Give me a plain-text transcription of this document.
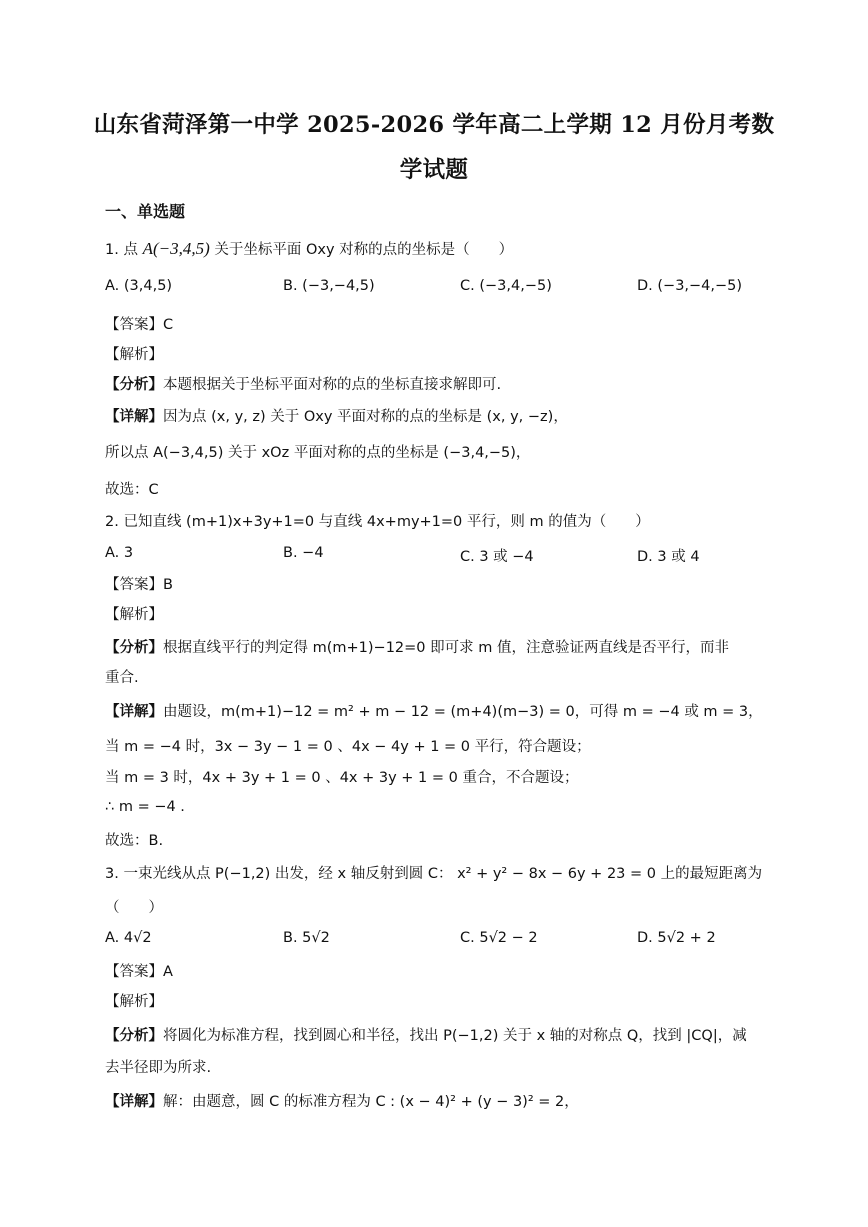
山东省菏泽第一中学 2025-2026 学年高二上学期 12 月份月考数
学试题
一、单选题
1. 点 A(−3,4,5) 关于坐标平面 Oxy 对称的点的坐标是（　　）
A. (3,4,5)	B. (−3,−4,5)	C. (−3,4,−5)	D. (−3,−4,−5)
【答案】C
【解析】
【分析】本题根据关于坐标平面对称的点的坐标直接求解即可.
【详解】因为点 (x, y, z) 关于 Oxy 平面对称的点的坐标是 (x, y, −z)，
所以点 A(−3,4,5) 关于 xOz 平面对称的点的坐标是 (−3,4,−5)，
故选：C
2. 已知直线 (m+1)x+3y+1=0 与直线 4x+my+1=0 平行，则 m 的值为（　　）
A. 3	B. −4	C. 3 或 −4	D. 3 或 4
【答案】B
【解析】
【分析】根据直线平行的判定得 m(m+1)−12=0 即可求 m 值，注意验证两直线是否平行，而非
重合.
【详解】由题设，m(m+1)−12 = m² + m − 12 = (m+4)(m−3) = 0，可得 m = −4 或 m = 3，
当 m = −4 时，3x − 3y − 1 = 0 、4x − 4y + 1 = 0 平行，符合题设；
当 m = 3 时，4x + 3y + 1 = 0 、4x + 3y + 1 = 0 重合，不合题设；
∴ m = −4 .
故选：B.
3. 一束光线从点 P(−1,2) 出发，经 x 轴反射到圆 C： x² + y² − 8x − 6y + 23 = 0 上的最短距离为
（　　）
A. 4√2	B. 5√2	C. 5√2 − 2	D. 5√2 + 2
【答案】A
【解析】
【分析】将圆化为标准方程，找到圆心和半径，找出 P(−1,2) 关于 x 轴的对称点 Q，找到 |CQ|，减
去半径即为所求.
【详解】解：由题意，圆 C 的标准方程为 C : (x − 4)² + (y − 3)² = 2，
